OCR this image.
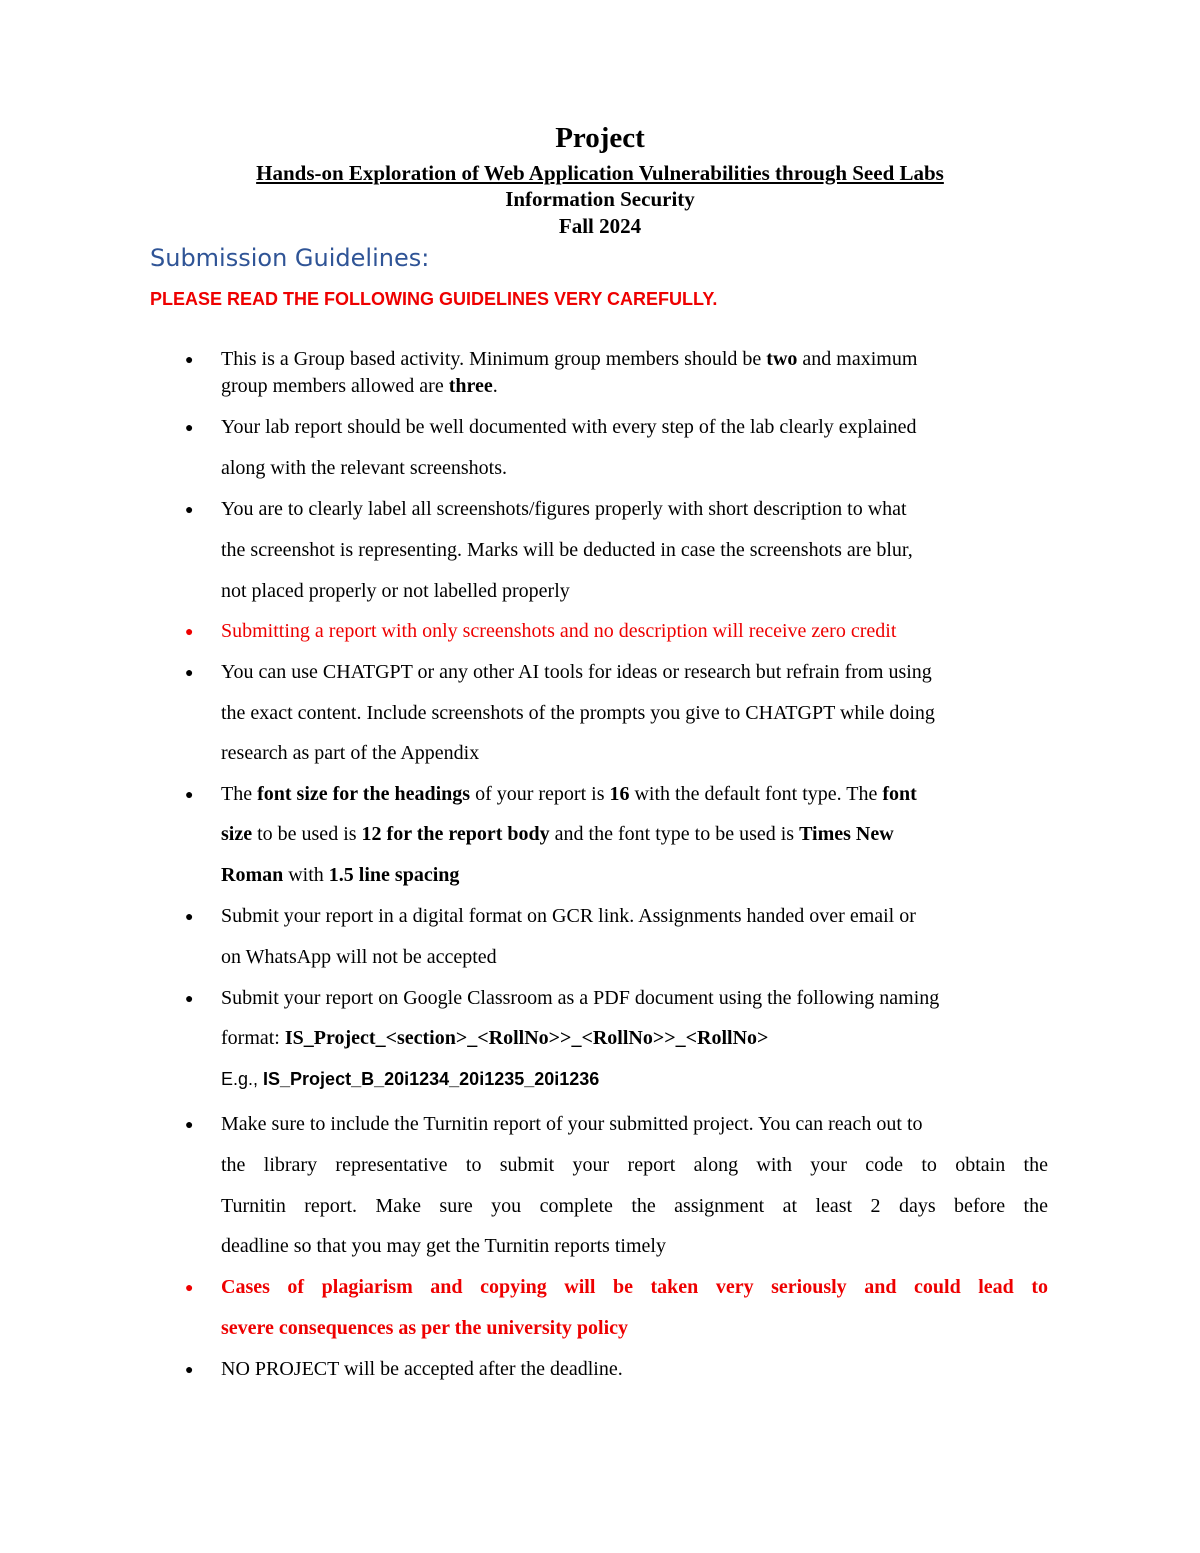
Project
Hands-on Exploration of Web Application Vulnerabilities through Seed Labs
Information Security
Fall 2024
Submission Guidelines:
PLEASE READ THE FOLLOWING GUIDELINES VERY CAREFULLY.
● This is a Group based activity. Minimum group members should be two and maximum
group members allowed are three.
● Your lab report should be well documented with every step of the lab clearly explained
along with the relevant screenshots.
● You are to clearly label all screenshots/figures properly with short description to what
the screenshot is representing. Marks will be deducted in case the screenshots are blur,
not placed properly or not labelled properly
● Submitting a report with only screenshots and no description will receive zero credit
● You can use CHATGPT or any other AI tools for ideas or research but refrain from using
the exact content. Include screenshots of the prompts you give to CHATGPT while doing
research as part of the Appendix
● The font size for the headings of your report is 16 with the default font type. The font
size to be used is 12 for the report body and the font type to be used is Times New
Roman with 1.5 line spacing
● Submit your report in a digital format on GCR link. Assignments handed over email or
on WhatsApp will not be accepted
● Submit your report on Google Classroom as a PDF document using the following naming
format: IS_Project_<section>_<RollNo>>_<RollNo>>_<RollNo>
E.g., IS_Project_B_20i1234_20i1235_20i1236
● Make sure to include the Turnitin report of your submitted project. You can reach out to
the library representative to submit your report along with your code to obtain the
Turnitin report. Make sure you complete the assignment at least 2 days before the
deadline so that you may get the Turnitin reports timely
● Cases of plagiarism and copying will be taken very seriously and could lead to
severe consequences as per the university policy
● NO PROJECT will be accepted after the deadline.
